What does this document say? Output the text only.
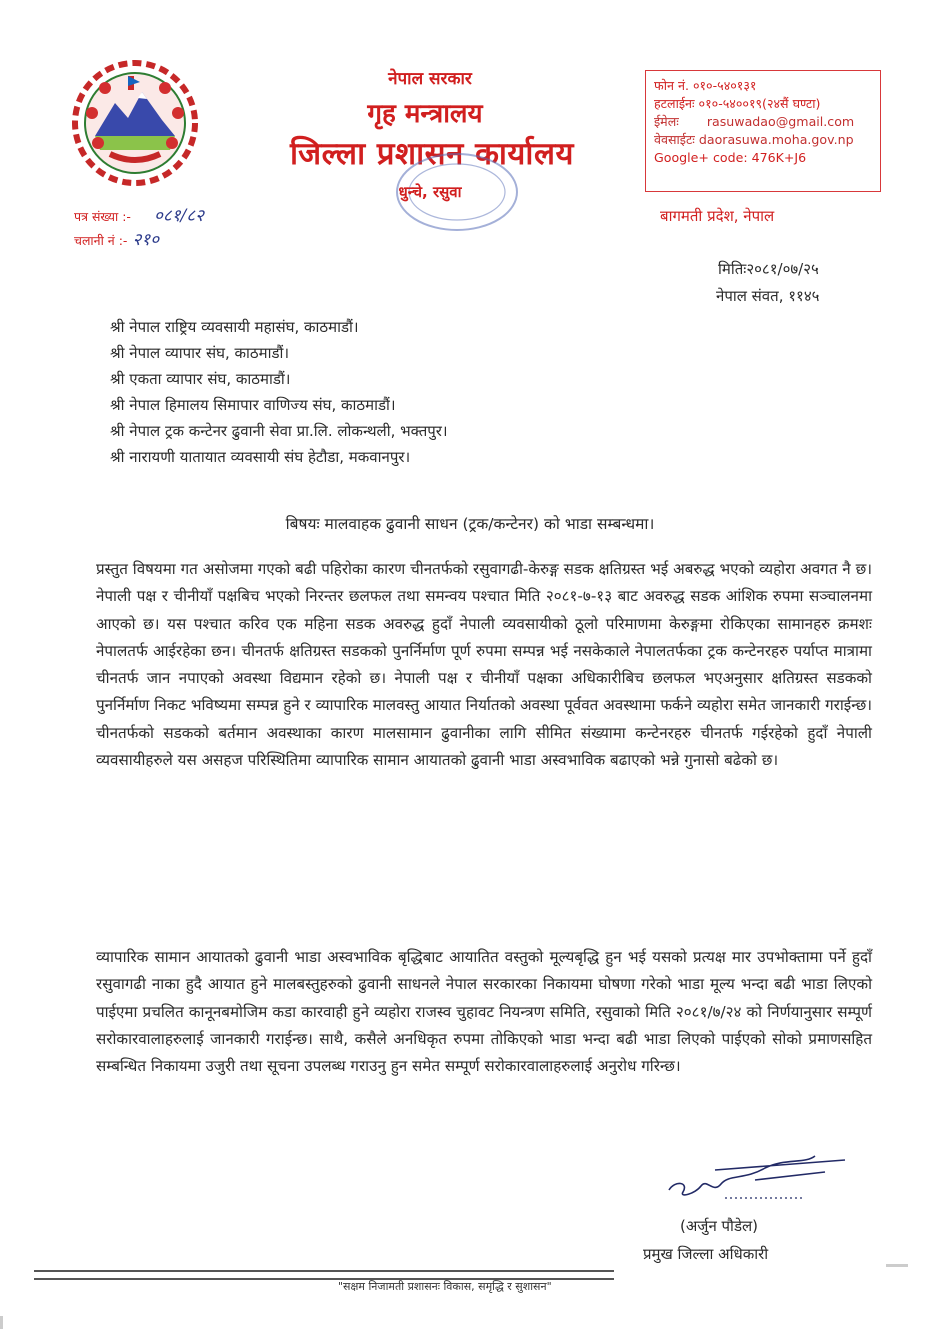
नेपाल सरकार
गृह मन्त्रालय
जिल्ला प्रशासन कार्यालय
धुन्चे, रसुवा
फोन नं. ०१०-५४०१३१
हटलाईनः ०१०-५४००१९(२४सैं घण्टा)
ईमेलः rasuwadao@gmail.com
वेवसाईटः daorasuwa.moha.gov.np
Google+ code: 476K+J6
बागमती प्रदेश, नेपाल
पत्र संख्या :- ०८१/८२
चलानी नं :- २१०
मितिः२०८१/०७/२५
नेपाल संवत, ११४५
श्री नेपाल राष्ट्रिय व्यवसायी महासंघ, काठमाडौं।
श्री नेपाल व्यापार संघ, काठमाडौं।
श्री एकता व्यापार संघ, काठमाडौं।
श्री नेपाल हिमालय सिमापार वाणिज्य संघ, काठमाडौं।
श्री नेपाल ट्रक कन्टेनर ढुवानी सेवा प्रा.लि. लोकन्थली, भक्तपुर।
श्री नारायणी यातायात व्यवसायी संघ हेटौडा, मकवानपुर।
बिषयः मालवाहक ढुवानी साधन (ट्रक/कन्टेनर) को भाडा सम्बन्धमा।

प्रस्तुत विषयमा गत असोजमा गएको बढी पहिरोका कारण चीनतर्फको रसुवागढी-केरुङ्ग सडक क्षतिग्रस्त भई अबरुद्ध भएको व्यहोरा अवगत नै छ। नेपाली पक्ष र चीनीयाँ पक्षबिच भएको निरन्तर छलफल तथा समन्वय पश्चात मिति २०८१-७-१३ बाट अवरुद्ध सडक आंशिक रुपमा सञ्चालनमा आएको छ। यस पश्चात करिव एक महिना सडक अवरुद्ध हुदाँ नेपाली व्यवसायीको ठूलो परिमाणमा केरुङ्गमा रोकिएका सामानहरु क्रमशः नेपालतर्फ आईरहेका छन। चीनतर्फ क्षतिग्रस्त सडकको पुनर्निर्माण पूर्ण रुपमा सम्पन्न भई नसकेकाले नेपालतर्फका ट्रक कन्टेनरहरु पर्याप्त मात्रामा चीनतर्फ जान नपाएको अवस्था विद्यमान रहेको छ। नेपाली पक्ष र चीनीयाँ पक्षका अधिकारीबिच छलफल भएअनुसार क्षतिग्रस्त सडकको पुनर्निर्माण निकट भविष्यमा सम्पन्न हुने र व्यापारिक मालवस्तु आयात निर्यातको अवस्था पूर्ववत अवस्थामा फर्कने व्यहोरा समेत जानकारी गराईन्छ। चीनतर्फको सडकको बर्तमान अवस्थाका कारण मालसामान ढुवानीका लागि सीमित संख्यामा कन्टेनरहरु चीनतर्फ गईरहेको हुदाँ नेपाली व्यवसायीहरुले यस असहज परिस्थितिमा व्यापारिक सामान आयातको ढुवानी भाडा अस्वभाविक बढाएको भन्ने गुनासो बढेको छ।

व्यापारिक सामान आयातको ढुवानी भाडा अस्वभाविक बृद्धिबाट आयातित वस्तुको मूल्यबृद्धि हुन भई यसको प्रत्यक्ष मार उपभोक्तामा पर्ने हुदाँ रसुवागढी नाका हुदै आयात हुने मालबस्तुहरुको ढुवानी साधनले नेपाल सरकारका निकायमा घोषणा गरेको भाडा मूल्य भन्दा बढी भाडा लिएको पाईएमा प्रचलित कानूनबमोजिम कडा कारवाही हुने व्यहोरा राजस्व चुहावट नियन्त्रण समिति, रसुवाको मिति २०८१/७/२४ को निर्णयानुसार सम्पूर्ण सरोकारवालाहरुलाई जानकारी गराईन्छ। साथै, कसैले अनधिकृत रुपमा तोकिएको भाडा भन्दा बढी भाडा लिएको पाईएको सोको प्रमाणसहित सम्बन्धित निकायमा उजुरी तथा सूचना उपलब्ध गराउनु हुन समेत सम्पूर्ण सरोकारवालाहरुलाई अनुरोध गरिन्छ।

(अर्जुन पौडेल)
प्रमुख जिल्ला अधिकारी
"सक्षम निजामती प्रशासनः विकास, समृद्धि र सुशासन"
